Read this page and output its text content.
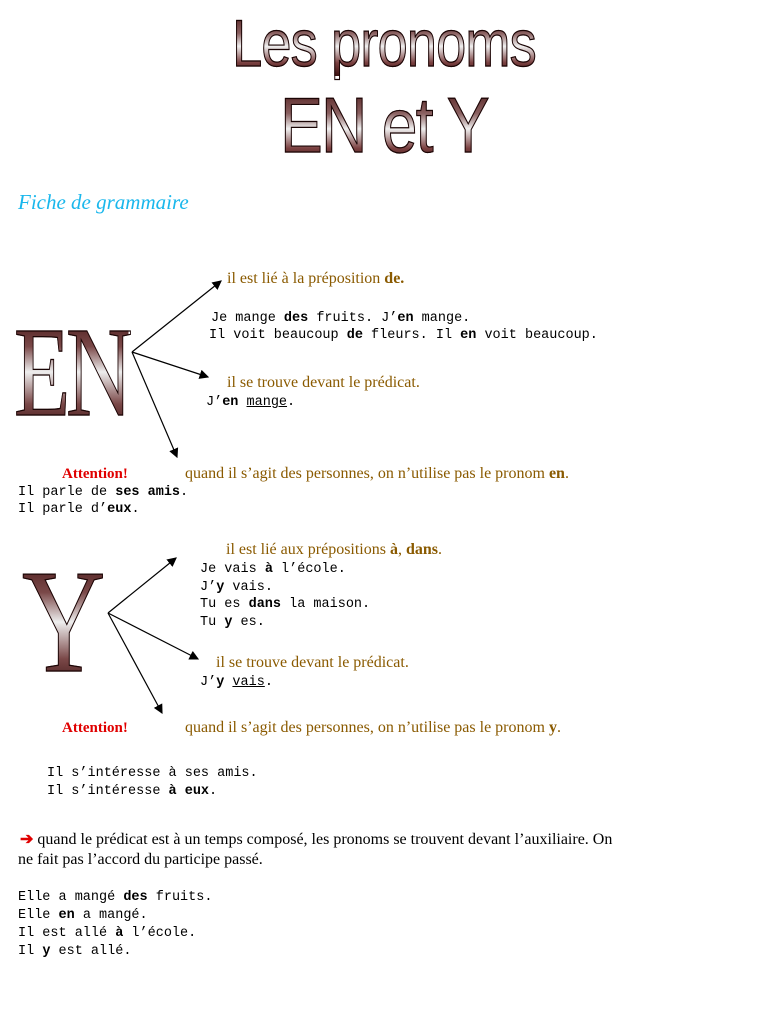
Les pronoms
EN et Y
Fiche de grammaire
EN
il est lié à la préposition de.
Je mange des fruits. J’en mange.
Il voit beaucoup de fleurs. Il en voit beaucoup.
il se trouve devant le prédicat.
J’en mange.
Attention!	quand il s’agit des personnes, on n’utilise pas le pronom en.
Il parle de ses amis.
Il parle d’eux.
Y	il est lié aux prépositions à, dans.
Je vais à l’école.
J’y vais.
Tu es dans la maison.
Tu y es.
il se trouve devant le prédicat.
J’y vais.
Attention!	quand il s’agit des personnes, on n’utilise pas le pronom y.
Il s’intéresse à ses amis.
Il s’intéresse à eux.
➔ quand le prédicat est à un temps composé, les pronoms se trouvent devant l’auxiliaire. On
ne fait pas l’accord du participe passé.
Elle a mangé des fruits.
Elle en a mangé.
Il est allé à l’école.
Il y est allé.
